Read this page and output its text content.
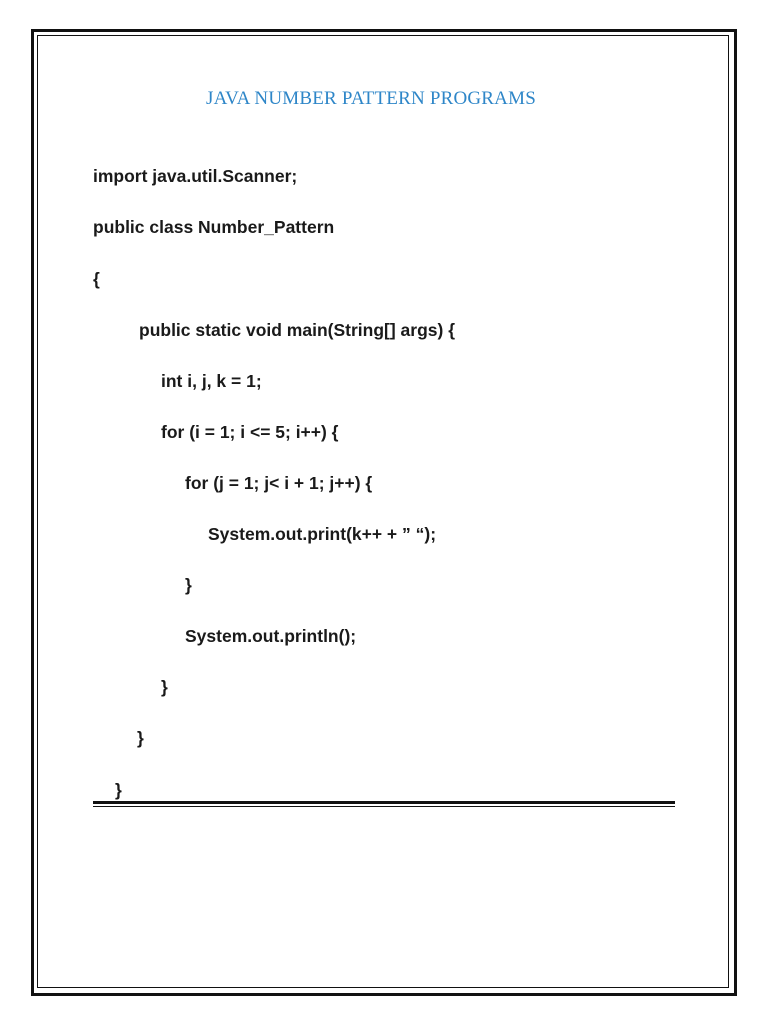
JAVA NUMBER PATTERN PROGRAMS
import java.util.Scanner;
public class Number_Pattern
{
public static void main(String[] args) {
int i, j, k = 1;
for (i = 1; i <= 5; i++) {
for (j = 1; j< i + 1; j++) {
System.out.print(k++ + ” “);
}
System.out.println();
}
}
}
